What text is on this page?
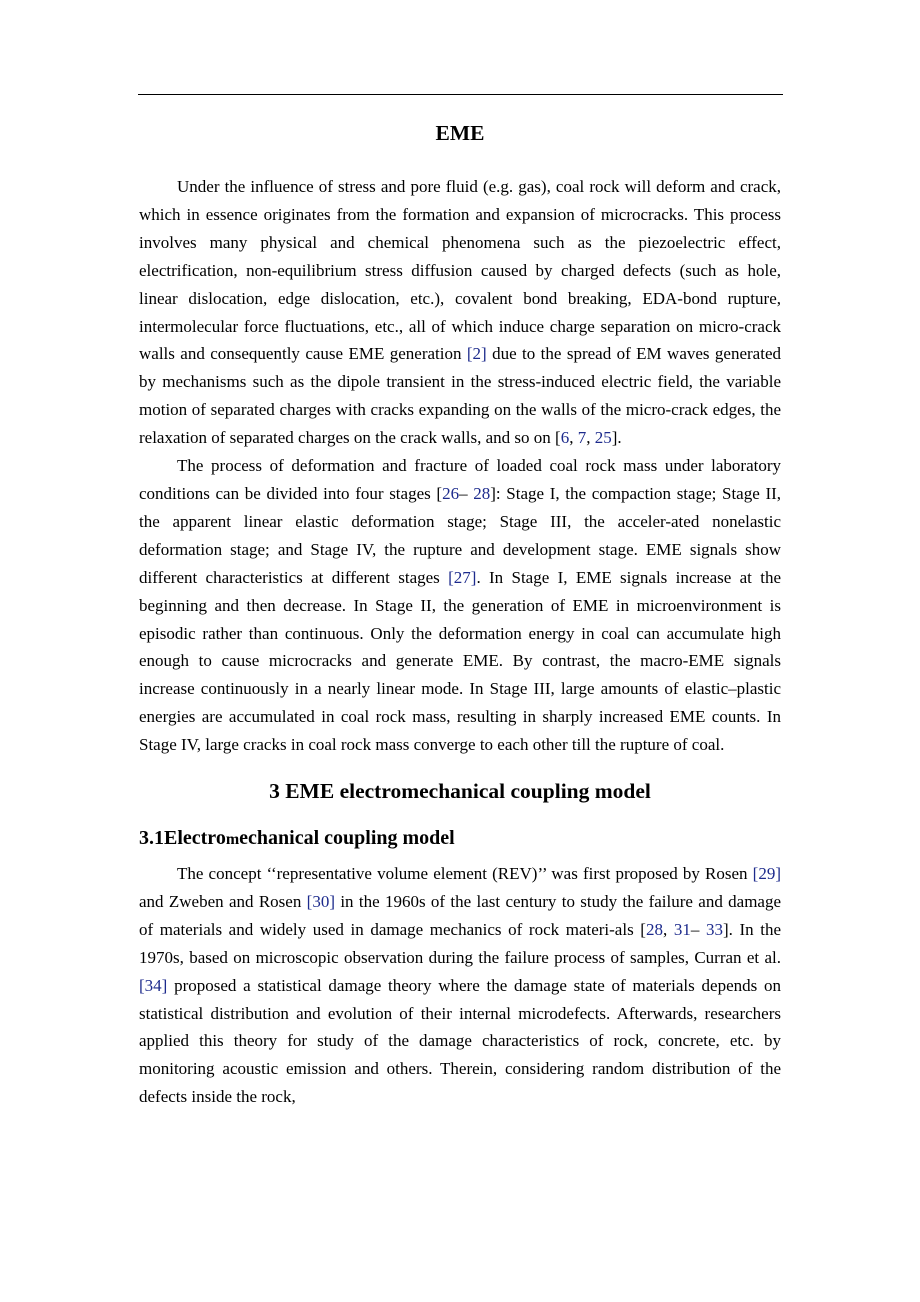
EME

Under the influence of stress and pore fluid (e.g. gas), coal rock will deform and crack, which in essence originates from the formation and expansion of microcracks. This process involves many physical and chemical phenomena such as the piezoelectric effect, electrification, non-equilibrium stress diffusion caused by charged defects (such as hole, linear dislocation, edge dislocation, etc.), covalent bond breaking, EDA-bond rupture, intermolecular force fluctuations, etc., all of which induce charge separation on micro-crack walls and consequently cause EME generation [2] due to the spread of EM waves generated by mechanisms such as the dipole transient in the stress-induced electric field, the variable motion of separated charges with cracks expanding on the walls of the micro-crack edges, the relaxation of separated charges on the crack walls, and so on [6, 7, 25].

The process of deformation and fracture of loaded coal rock mass under laboratory conditions can be divided into four stages [26– 28]: Stage I, the compaction stage; Stage II, the apparent linear elastic deformation stage; Stage III, the acceler-ated nonelastic deformation stage; and Stage IV, the rupture and development stage. EME signals show different characteristics at different stages [27]. In Stage I, EME signals increase at the beginning and then decrease. In Stage II, the generation of EME in microenvironment is episodic rather than continuous. Only the deformation energy in coal can accumulate high enough to cause microcracks and generate EME. By contrast, the macro-EME signals increase continuously in a nearly linear mode. In Stage III, large amounts of elastic–plastic energies are accumulated in coal rock mass, resulting in sharply increased EME counts. In Stage IV, large cracks in coal rock mass converge to each other till the rupture of coal.

3 EME electromechanical coupling model
3.1Electromechanical coupling model

The concept ‘‘representative volume element (REV)’’ was first proposed by Rosen [29] and Zweben and Rosen [30] in the 1960s of the last century to study the failure and damage of materials and widely used in damage mechanics of rock materi-als [28, 31– 33]. In the 1970s, based on microscopic observation during the failure process of samples, Curran et al. [34] proposed a statistical damage theory where the damage state of materials depends on statistical distribution and evolution of their internal microdefects. Afterwards, researchers applied this theory for study of the damage characteristics of rock, concrete, etc. by monitoring acoustic emission and others. Therein, considering random distribution of the defects inside the rock,
